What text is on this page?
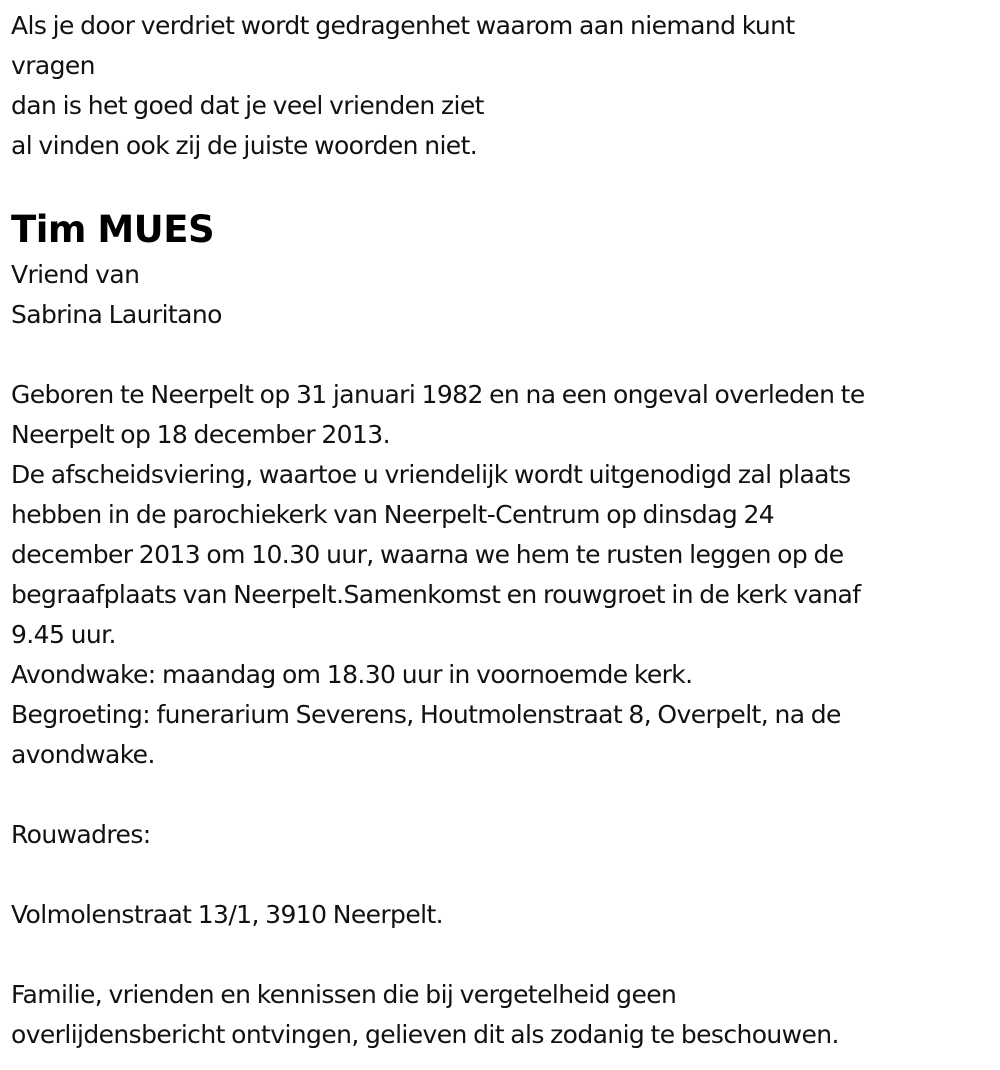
Als je door verdriet wordt gedragenhet waarom aan niemand kunt
vragen
dan is het goed dat je veel vrienden ziet
al vinden ook zij de juiste woorden niet.
Tim MUES
Vriend van
Sabrina Lauritano
Geboren te Neerpelt op 31 januari 1982 en na een ongeval overleden te
Neerpelt op 18 december 2013.
De afscheidsviering, waartoe u vriendelijk wordt uitgenodigd zal plaats
hebben in de parochiekerk van Neerpelt-Centrum op dinsdag 24
december 2013 om 10.30 uur, waarna we hem te rusten leggen op de
begraafplaats van Neerpelt.Samenkomst en rouwgroet in de kerk vanaf
9.45 uur.
Avondwake: maandag om 18.30 uur in voornoemde kerk.
Begroeting: funerarium Severens, Houtmolenstraat 8, Overpelt, na de
avondwake.
Rouwadres:
Volmolenstraat 13/1, 3910 Neerpelt.
Familie, vrienden en kennissen die bij vergetelheid geen
overlijdensbericht ontvingen, gelieven dit als zodanig te beschouwen.
